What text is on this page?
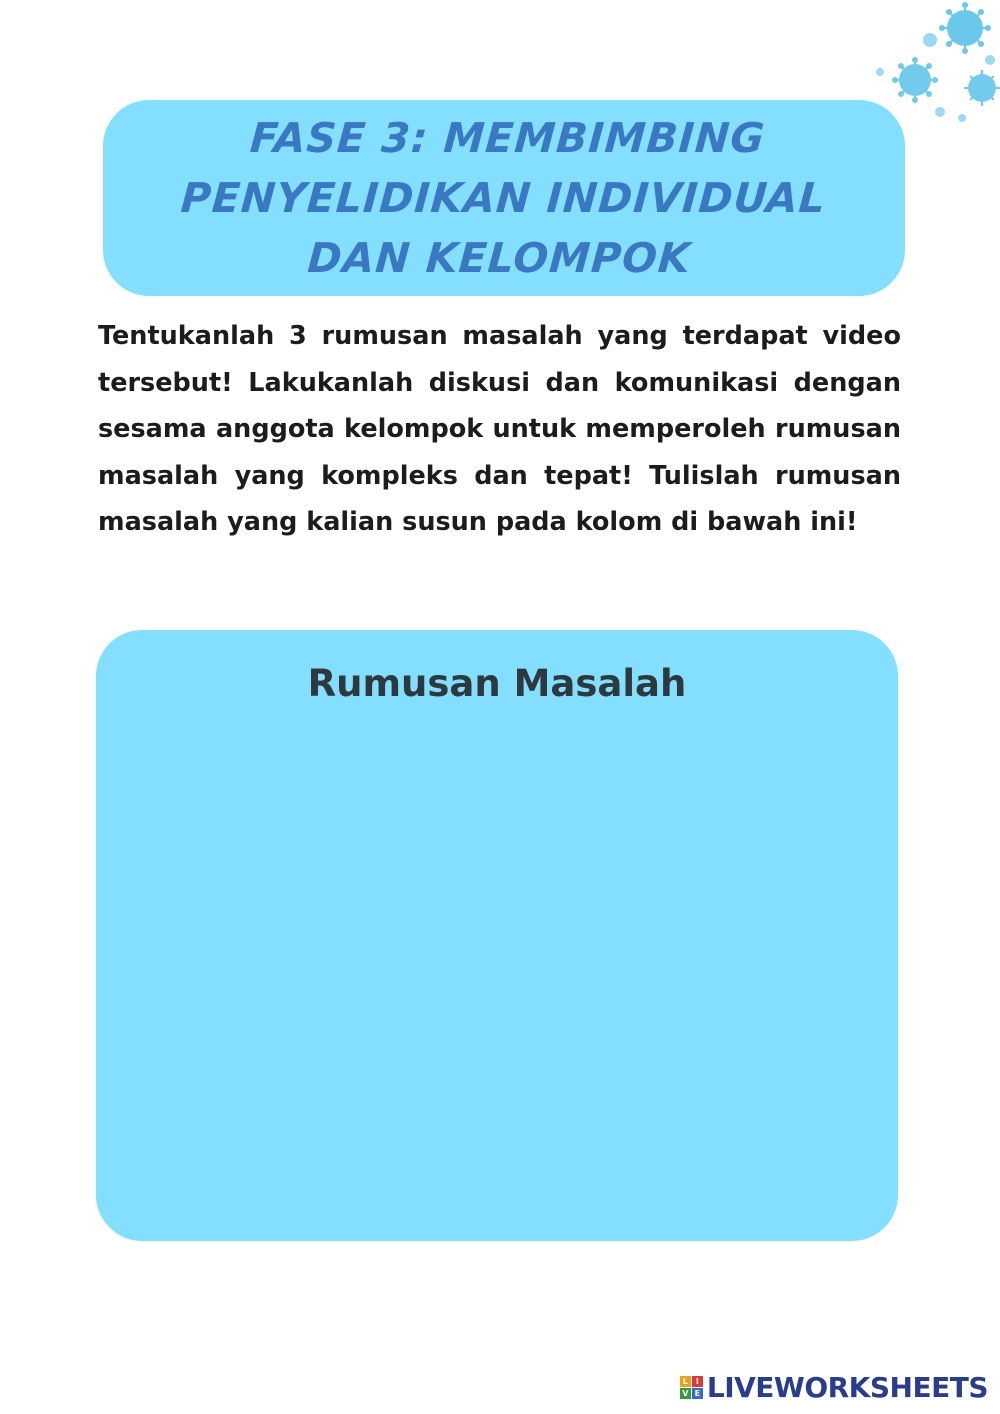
FASE 3: MEMBIMBING
PENYELIDIKAN INDIVIDUAL
DAN KELOMPOK

Tentukanlah 3 rumusan masalah yang terdapat video tersebut! Lakukanlah diskusi dan komunikasi dengan sesama anggota kelompok untuk memperoleh rumusan masalah yang kompleks dan tepat! Tulislah rumusan masalah yang kalian susun pada kolom di bawah ini!

Rumusan Masalah
L I
V E LIVEWORKSHEETS
